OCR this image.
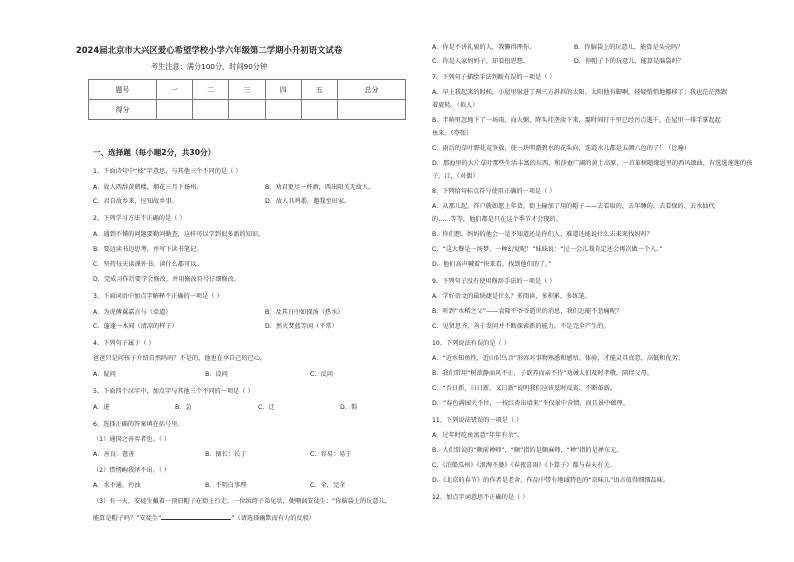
2024届北京市大兴区爱心希望学校小学六年级第二学期小升初语文试卷
考生注意：满分100分，时间90分钟
题号	一	二	三	四	五	总分
得分						
一、选择题（每小题2分，共30分）
1、下面诗句中“枝”字意思，与其他三个不同的是（ ）
A．故人西辞黄鹤楼，烟花三月下扬州。	B．劝君更尽一杯酒，西出阳关无故人。
C．君自故乡来，应知故乡事。	D．故人具鸡黍，邀我至田家。
2、下列学习方法不正确的是（ ）
A．遇到不懂的问题要勤问勤查，这样可以学到很多新的知识。
B．要边读书边思考，并写下读书笔记。
C．坚持每天读课外书，读什么都可以。
D．完成习作后要学会修改，并用修改符号仔细修改。
3、下面词语中加点字解释不正确的一项是（ ）
A．为虎傅翼嘉言与（牵道）	B．及其日中如探汤（热水）
C．蓬蓬一木间（清凉的样子）	D．然火焚蓝等闲（平常）
4、下列句子属于（ ）
爸爸只是问孩子介绍自然吗吗？不是的，他也在享自己的已心。
A．疑问	B．设问	C．反问
5、下面四个汉字中，加点字与其他三个不同的一项是（ ）
A．进	B．急	C．迁	D．惧
6、选择正确的答案填在括号里。
（1）通国之善弈者也。（ ）
A．善良：慈善	B．擅长：长于	C．容易：易于
（2）惜愣峋我泽不出。（ ）
A．水不通，污浊	B．不明白事理	C．全，完全
（3）有一天，安徒生戴着一顶旧帽子在街上行走，一位纨绔子弟见状，便嘲讽安徒生：“你脑袋上的玩意儿，
能算是帽子吗？”安徒生“	”（请选择幽默而有力的反驳）
A．你是不讲礼貌的人，我懒得理你。	B．你脑袋上的玩意儿，能算是头壳吗？
C．你是人家妈妈子，却看扭思想。	D．你帽子下的玩意儿，能算是脑袋吗？
7、下列句子描绘手法判断有误的一项是（ ）
A．早上我起来的时候，小屋里射进了两三方斜斜的太阳。太阳他有脚啊，轻轻悄悄地挪移了；我也茫茫然跟
着旋转。（拟人）
B．半晌里忽地下了一场雨，而大粥，降头挂垄淡下来，霎时间打千里已经污点逝千，在屋里一排手掌起起
鱼来。（夸张）
C．雨后的草叶野花竞争放，使一块明澈碧水的花头向，连霞水儿都是五颜六色的了！（比喻）
D．那海里的大片草叶那些生活丰富的东西，和莎蚕广阔的黄土高原，一首革树随缘恩里的西风颂曲，有选选莲莲的孩
子，江，（对偶）
8、下列给句标点符号使用正确的一项是（ ）
A．从那儿起，祥户就如愿上年货，街上输加了用的帽子——去看取的、去年睡的、去看保的、去水仙代
的……等等，他们都是只在这个季节才会现的。
B．你们想，妈妈的他会一是不知道还是你们人，难道还能说什么去来来找妈吗？
C．“这大餐是一场梦，一种幻觉呢！”妹妹说：“过一会儿我肯定还会再次做一个人。”
D．他们高声喊着“快来看，找到他们的了。”
9、下列句子没有使用修辞手法的一项是（ ）
A．学好语文的最快捷是什么？多阅读，多积累，多练笔。
B．听到“水稻之父”——袁隆平爷爷逝世的消息，我们怎能不悲痛呢？
C．见贤思齐，善于发问并不断探索新的能力，不是完全产生的。
10、下列说法有误的是（ ）
A．“近水知鱼性，近山识鸟音”形容对事物熟悉和感悟、体验，才能灵具真意，高低和优劣。
B．我们常用“树欲静而风不止，子欲养而亲不待”劝诫人们及时孝敬，陪伴父母。
C．“吾日新，日日新，又日新”说明我们应该反时反省，不断革新。
D．“春色满园关不住，一枝红杏出墙来”不仅景中含情，而且景中蕴理。
11、下列说法错误的一项是（ ）
A．过年时吃鱼寓意“年年有余”。
B．人们常说的“颇前禅师”，“颇”指的是颇麻师，“禅”指的是禅东元。
C．《泊船瓜州》《浪淘不婆》《春夜喜雨》《卜算子》都与春天有关。
D．《北京的春节》的作者是老舍，作品中带有地域特色的“京味儿”语言值得细细品味。
12、加点字词意思不正确的是（ ）
